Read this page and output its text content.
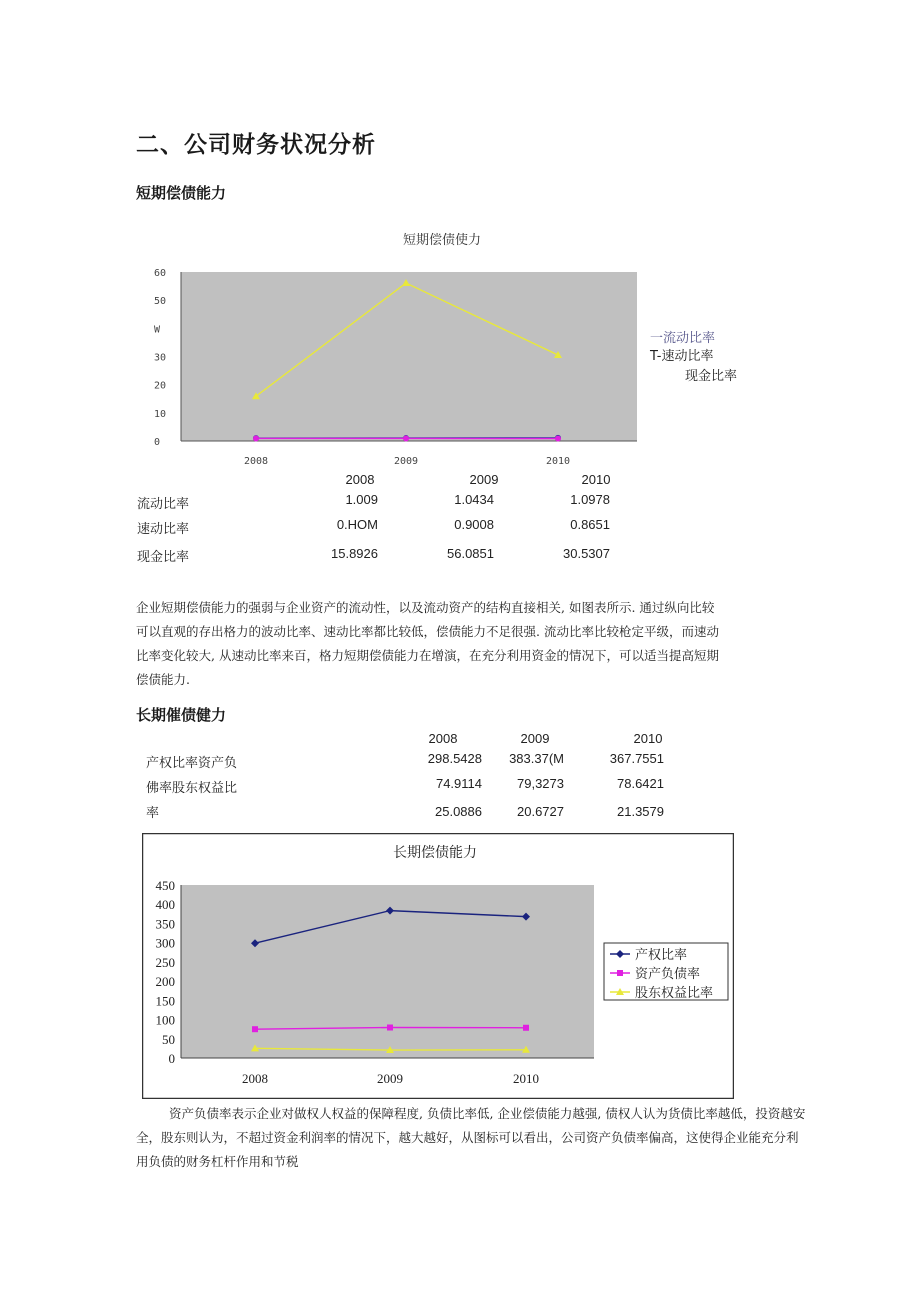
二、公司财务状况分析
短期偿债能力
短期偿债使力
60
50
W
30
20
10
0
2008	2009	2010
一流动比率
T-速动比率
现金比率
2008	2009	2010
流动比率	1.009	1.0434	1.0978
速动比率	0.HOM	0.9008	0.8651
现金比率	15.8926	56.0851	30.5307
企业短期偿债能力的强弱与企业资产的流动性，以及流动资产的结构直接相关, 如图表所示. 通过纵向比较
可以直观的存出格力的波动比率、速动比率都比较低，偿债能力不足很强. 流动比率比较枪定平级，而速动
比率变化较大, 从速动比率来百，格力短期偿债能力在增演，在充分利用资金的情况下，可以适当提高短期
偿债能力.
长期催债健力
2008	2009	2010
产权比率资产负	298.5428	383.37(M	367.7551
佛率股东权益比	74.9114	79,3273	78.6421
率	25.0886	20.6727	21.3579
长期偿债能力
0
50
100
150
200
250
300
350
400
450
2008	2009	2010
产权比率
资产负债率
股东权益比率
资产负债率表示企业对做权人权益的保障程度, 负债比率低, 企业偿债能力越强, 债权人认为货债比率越低，投资越安
全，股东则认为，不超过资金利润率的情况下，越大越好，从图标可以看出，公司资产负债率偏高，这使得企业能充分利
用负债的财务杠杆作用和节税
